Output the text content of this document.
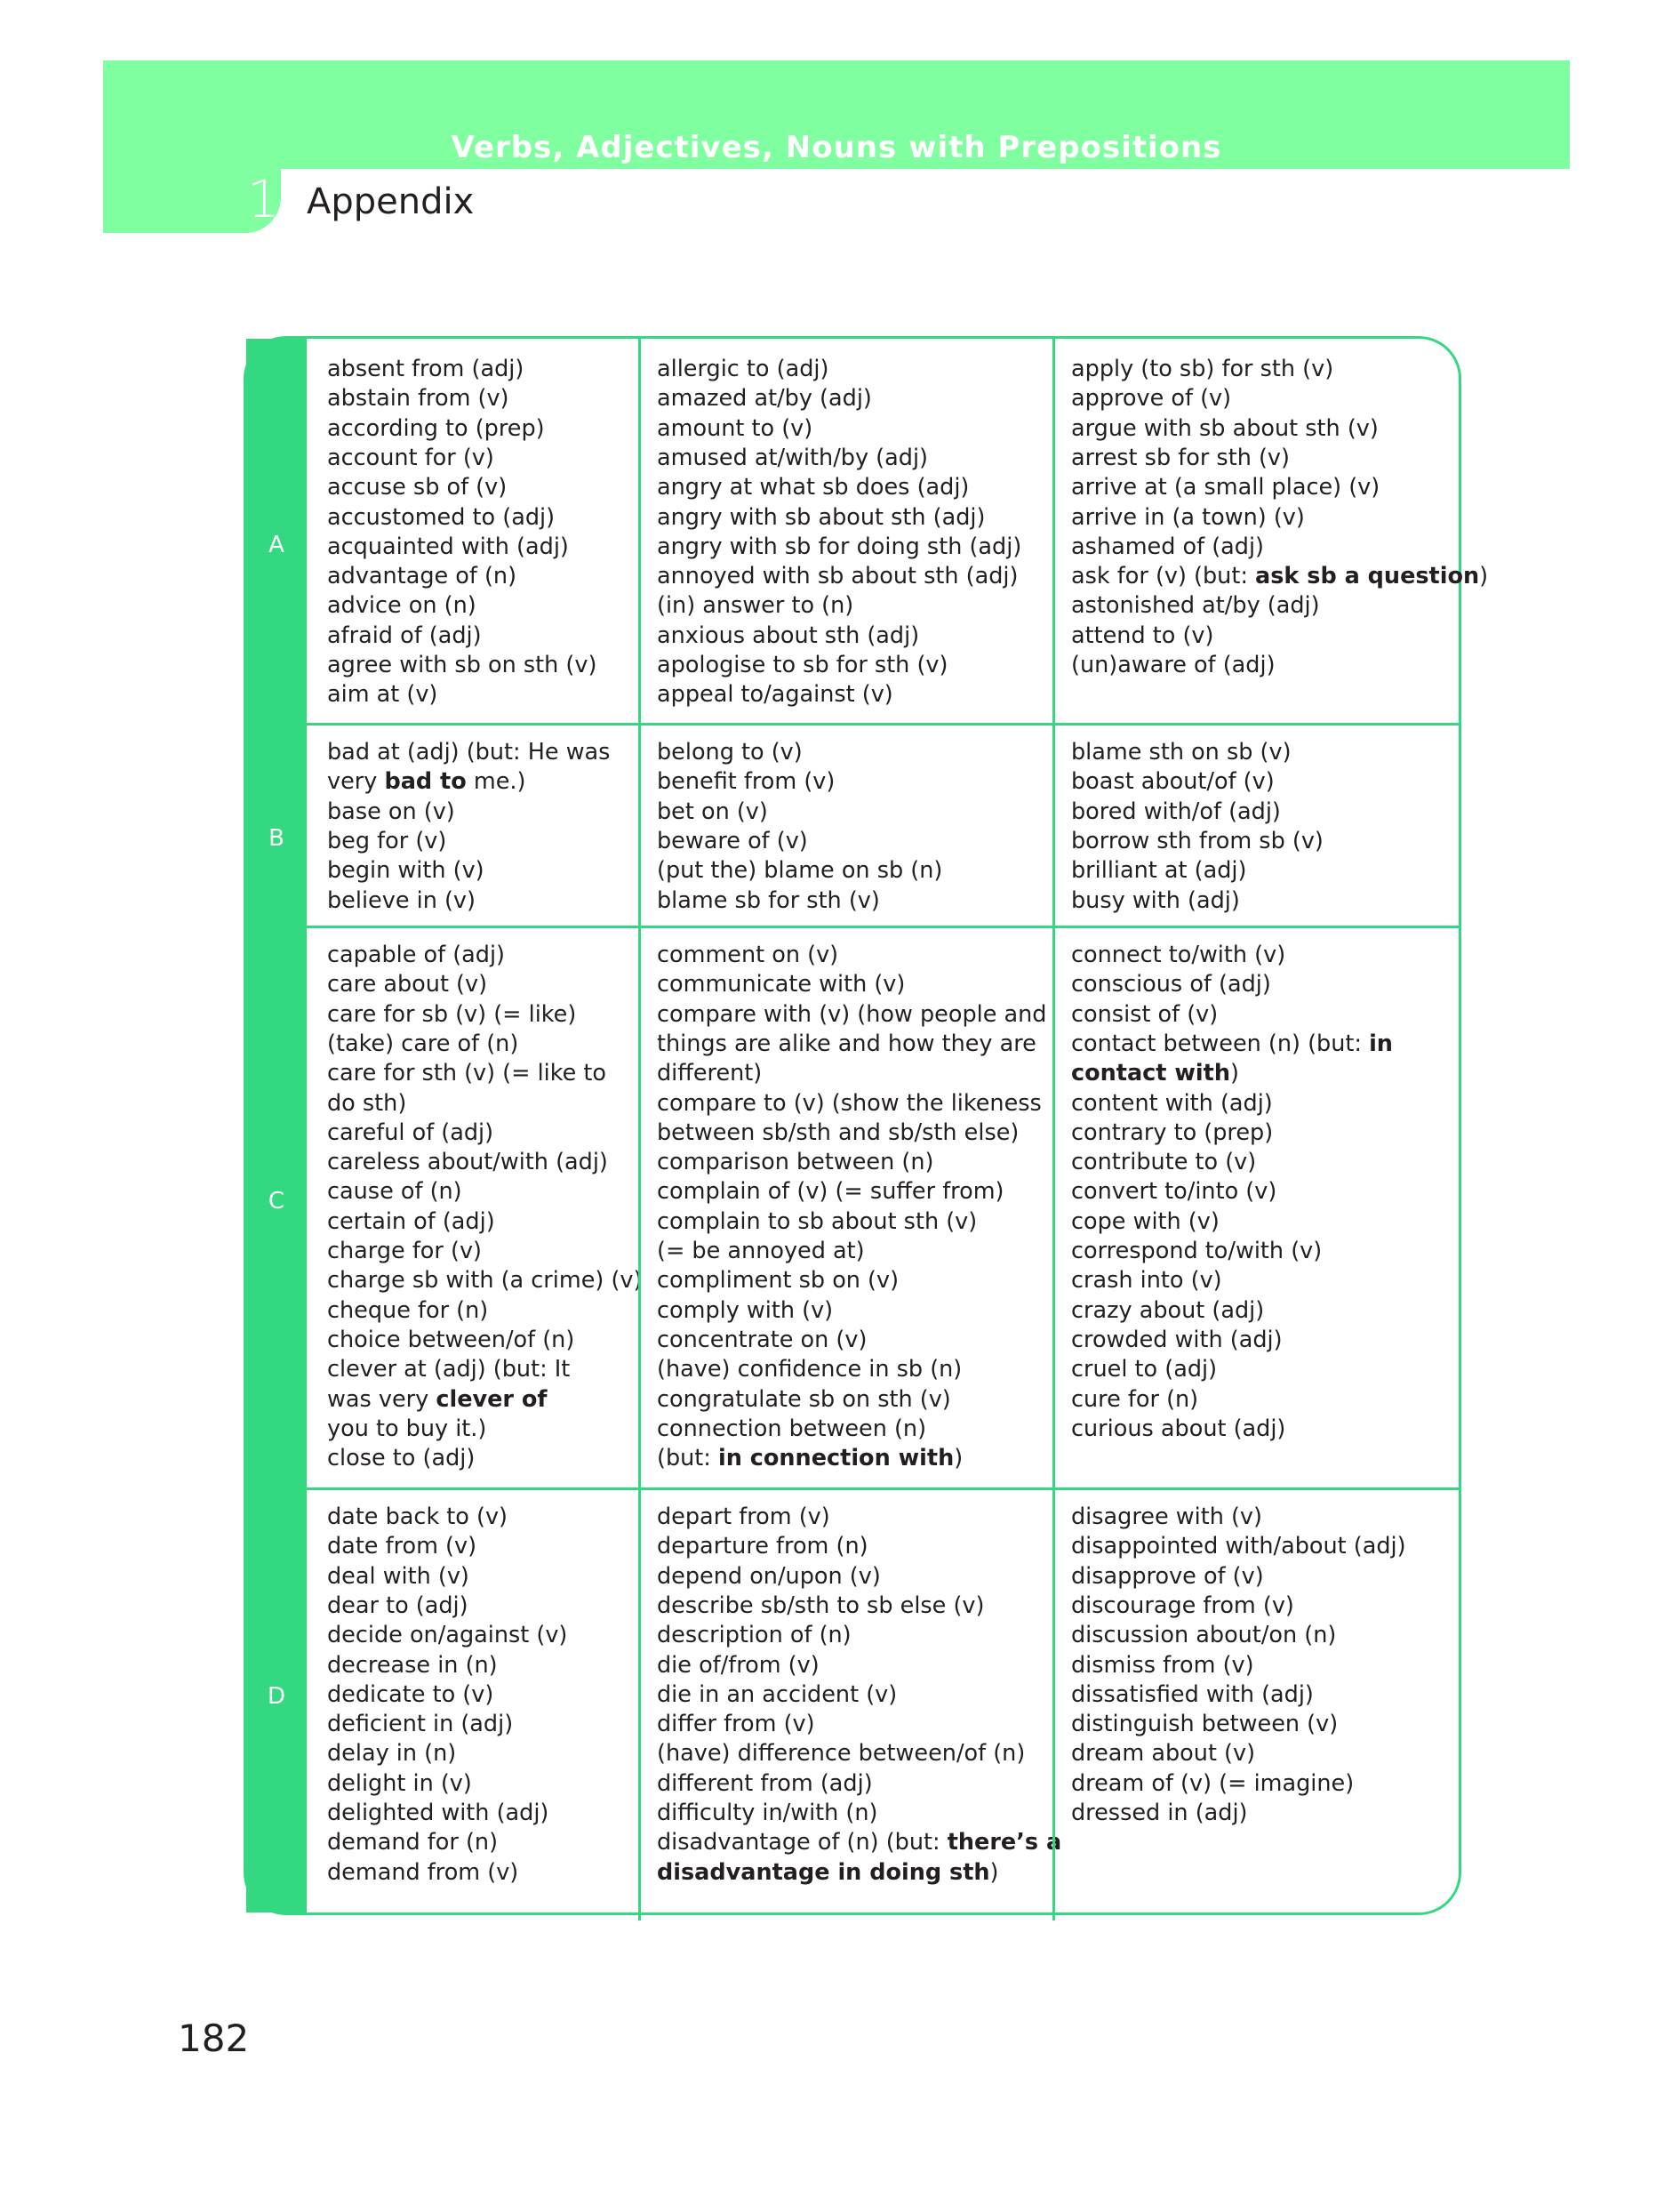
Verbs, Adjectives, Nouns with Prepositions
1 Appendix
A
absent from (adj)
abstain from (v)
according to (prep)
account for (v)
accuse sb of (v)
accustomed to (adj)
acquainted with (adj)
advantage of (n)
advice on (n)
afraid of (adj)
agree with sb on sth (v)
aim at (v)
allergic to (adj)
amazed at/by (adj)
amount to (v)
amused at/with/by (adj)
angry at what sb does (adj)
angry with sb about sth (adj)
angry with sb for doing sth (adj)
annoyed with sb about sth (adj)
(in) answer to (n)
anxious about sth (adj)
apologise to sb for sth (v)
appeal to/against (v)
apply (to sb) for sth (v)
approve of (v)
argue with sb about sth (v)
arrest sb for sth (v)
arrive at (a small place) (v)
arrive in (a town) (v)
ashamed of (adj)
ask for (v) (but: ask sb a question)
astonished at/by (adj)
attend to (v)
(un)aware of (adj)
B
bad at (adj) (but: He was
very bad to me.)
base on (v)
beg for (v)
begin with (v)
believe in (v)
belong to (v)
benefit from (v)
bet on (v)
beware of (v)
(put the) blame on sb (n)
blame sb for sth (v)
blame sth on sb (v)
boast about/of (v)
bored with/of (adj)
borrow sth from sb (v)
brilliant at (adj)
busy with (adj)
C
capable of (adj)
care about (v)
care for sb (v) (= like)
(take) care of (n)
care for sth (v) (= like to
do sth)
careful of (adj)
careless about/with (adj)
cause of (n)
certain of (adj)
charge for (v)
charge sb with (a crime) (v)
cheque for (n)
choice between/of (n)
clever at (adj) (but: It
was very clever of
you to buy it.)
close to (adj)
comment on (v)
communicate with (v)
compare with (v) (how people and
things are alike and how they are
different)
compare to (v) (show the likeness
between sb/sth and sb/sth else)
comparison between (n)
complain of (v) (= suffer from)
complain to sb about sth (v)
(= be annoyed at)
compliment sb on (v)
comply with (v)
concentrate on (v)
(have) confidence in sb (n)
congratulate sb on sth (v)
connection between (n)
(but: in connection with)
connect to/with (v)
conscious of (adj)
consist of (v)
contact between (n) (but: in
contact with)
content with (adj)
contrary to (prep)
contribute to (v)
convert to/into (v)
cope with (v)
correspond to/with (v)
crash into (v)
crazy about (adj)
crowded with (adj)
cruel to (adj)
cure for (n)
curious about (adj)
D
date back to (v)
date from (v)
deal with (v)
dear to (adj)
decide on/against (v)
decrease in (n)
dedicate to (v)
deficient in (adj)
delay in (n)
delight in (v)
delighted with (adj)
demand for (n)
demand from (v)
depart from (v)
departure from (n)
depend on/upon (v)
describe sb/sth to sb else (v)
description of (n)
die of/from (v)
die in an accident (v)
differ from (v)
(have) difference between/of (n)
different from (adj)
difficulty in/with (n)
disadvantage of (n) (but: there’s a
disadvantage in doing sth)
disagree with (v)
disappointed with/about (adj)
disapprove of (v)
discourage from (v)
discussion about/on (n)
dismiss from (v)
dissatisfied with (adj)
distinguish between (v)
dream about (v)
dream of (v) (= imagine)
dressed in (adj)
182
